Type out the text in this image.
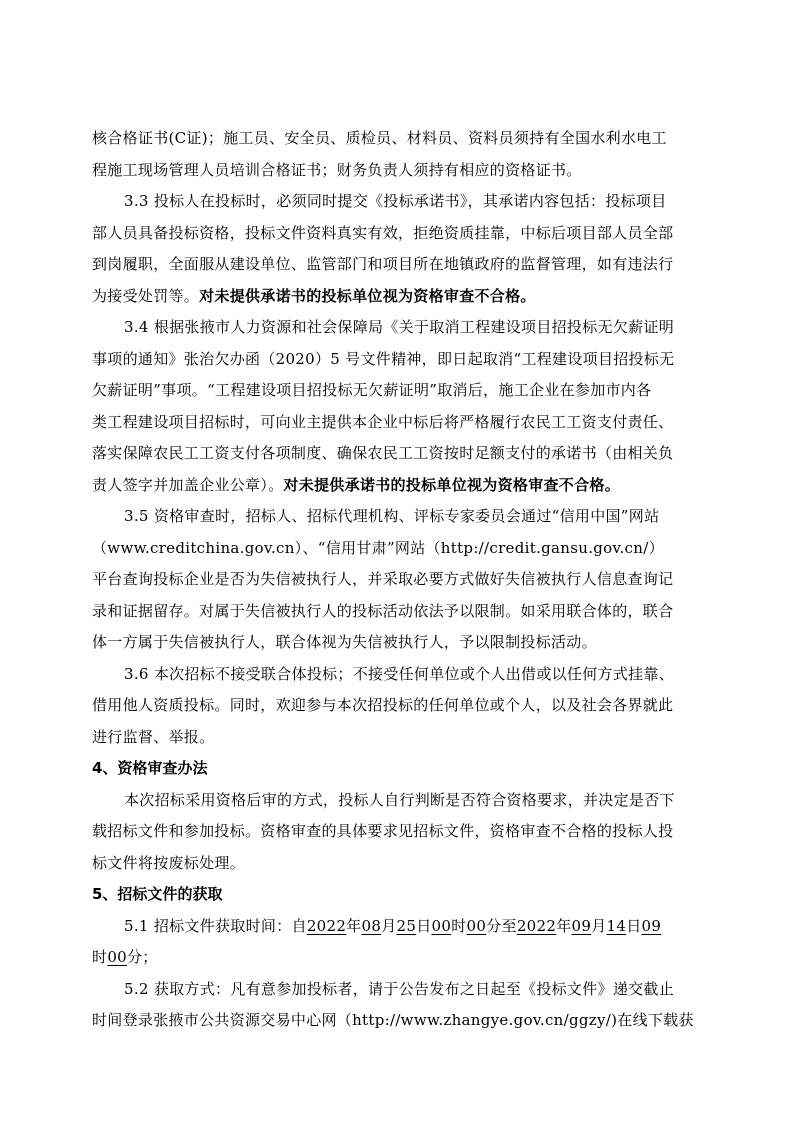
核合格证书(C证)；施工员、安全员、质检员、材料员、资料员须持有全国水利水电工
程施工现场管理人员培训合格证书；财务负责人须持有相应的资格证书。
3.3 投标人在投标时，必须同时提交《投标承诺书》，其承诺内容包括：投标项目
部人员具备投标资格，投标文件资料真实有效，拒绝资质挂靠，中标后项目部人员全部
到岗履职，全面服从建设单位、监管部门和项目所在地镇政府的监督管理，如有违法行
为接受处罚等。对未提供承诺书的投标单位视为资格审查不合格。
3.4 根据张掖市人力资源和社会保障局《关于取消工程建设项目招投标无欠薪证明
事项的通知》张治欠办函（2020）5 号文件精神，即日起取消“工程建设项目招投标无
欠薪证明”事项。“工程建设项目招投标无欠薪证明”取消后，施工企业在参加市内各
类工程建设项目招标时，可向业主提供本企业中标后将严格履行农民工工资支付责任、
落实保障农民工工资支付各项制度、确保农民工工资按时足额支付的承诺书（由相关负
责人签字并加盖企业公章）。对未提供承诺书的投标单位视为资格审查不合格。
3.5 资格审查时，招标人、招标代理机构、评标专家委员会通过“信用中国”网站
（www.creditchina.gov.cn）、“信用甘肃”网站（http://credit.gansu.gov.cn/）
平台查询投标企业是否为失信被执行人，并采取必要方式做好失信被执行人信息查询记
录和证据留存。对属于失信被执行人的投标活动依法予以限制。如采用联合体的，联合
体一方属于失信被执行人，联合体视为失信被执行人，予以限制投标活动。
3.6 本次招标不接受联合体投标；不接受任何单位或个人出借或以任何方式挂靠、
借用他人资质投标。同时，欢迎参与本次招投标的任何单位或个人，以及社会各界就此
进行监督、举报。
4、资格审查办法
本次招标采用资格后审的方式，投标人自行判断是否符合资格要求，并决定是否下
载招标文件和参加投标。资格审查的具体要求见招标文件，资格审查不合格的投标人投
标文件将按废标处理。
5、招标文件的获取
5.1 招标文件获取时间：自2022年08月25日00时00分至2022年09月14日09
时00分；
5.2 获取方式：凡有意参加投标者，请于公告发布之日起至《投标文件》递交截止
时间登录张掖市公共资源交易中心网（http://www.zhangye.gov.cn/ggzy/)在线下载获
